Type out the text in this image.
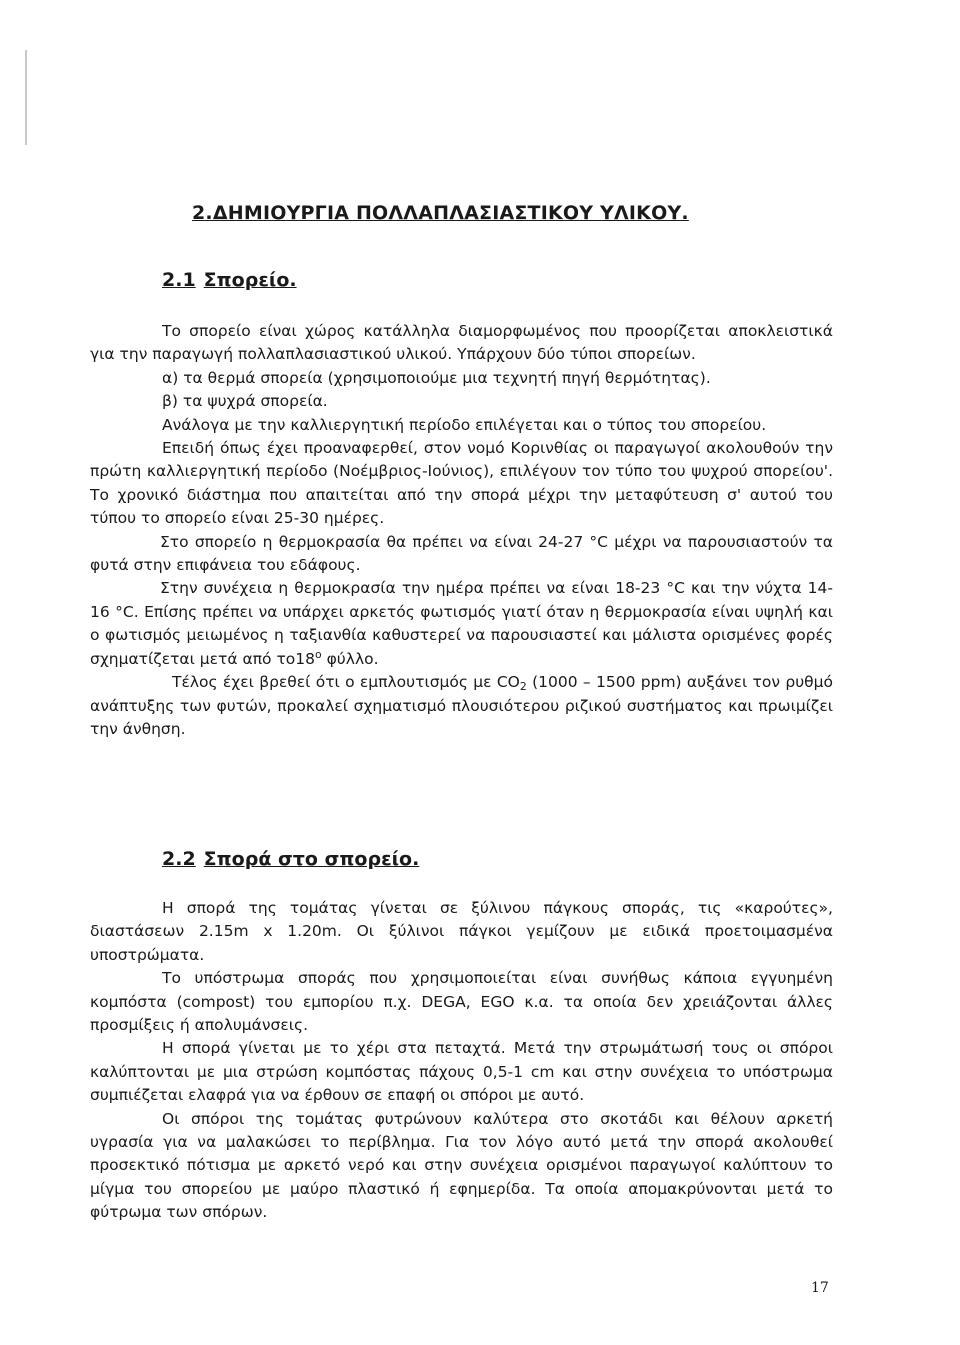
2.ΔΗΜΙΟΥΡΓΙΑ ΠΟΛΛΑΠΛΑΣΙΑΣΤΙΚΟΥ ΥΛΙΚΟΥ.
2.1 Σπορείο.

Το σπορείο είναι χώρος κατάλληλα διαμορφωμένος που προορίζεται αποκλειστικά για την παραγωγή πολλαπλασιαστικού υλικού. Υπάρχουν δύο τύποι σπορείων.

α) τα θερμά σπορεία (χρησιμοποιούμε μια τεχνητή πηγή θερμότητας).

β) τα ψυχρά σπορεία.

Ανάλογα με την καλλιεργητική περίοδο επιλέγεται και ο τύπος του σπορείου.

Επειδή όπως έχει προαναφερθεί, στον νομό Κορινθίας οι παραγωγοί ακολουθούν την πρώτη καλλιεργητική περίοδο (Νοέμβριος-Ιούνιος), επιλέγουν τον τύπο του ψυχρού σπορείου'. Το χρονικό διάστημα που απαιτείται από την σπορά μέχρι την μεταφύτευση σ' αυτού του τύπου το σπορείο είναι 25-30 ημέρες.

Στο σπορείο η θερμοκρασία θα πρέπει να είναι 24-27 °C μέχρι να παρουσιαστούν τα φυτά στην επιφάνεια του εδάφους.

Στην συνέχεια η θερμοκρασία την ημέρα πρέπει να είναι 18-23 °C και την νύχτα 14-16 °C. Επίσης πρέπει να υπάρχει αρκετός φωτισμός γιατί όταν η θερμοκρασία είναι υψηλή και ο φωτισμός μειωμένος η ταξιανθία καθυστερεί να παρουσιαστεί και μάλιστα ορισμένες φορές σχηματίζεται μετά από $\tau o18^o$ φύλλο.

Τέλος έχει βρεθεί ότι ο εμπλουτισμός με $CO_2$ (1000 – 1500 ppm) αυξάνει τον ρυθμό ανάπτυξης των φυτών, προκαλεί σχηματισμό πλουσιότερου ριζικού συστήματος και πρωιμίζει την άνθηση.

2.2 Σπορά στο σπορείο.

Η σπορά της τομάτας γίνεται σε ξύλινου πάγκους σποράς, τις «καρούτες», διαστάσεων 2.15m x 1.20m. Οι ξύλινοι πάγκοι γεμίζουν με ειδικά προετοιμασμένα υποστρώματα.

Το υπόστρωμα σποράς που χρησιμοποιείται είναι συνήθως κάποια εγγυημένη κομπόστα (compost) του εμπορίου π.χ. DEGA, EGO κ.α. τα οποία δεν χρειάζονται άλλες προσμίξεις ή απολυμάνσεις.

Η σπορά γίνεται με το χέρι στα πεταχτά. Μετά την στρωμάτωσή τους οι σπόροι καλύπτονται με μια στρώση κομπόστας πάχους 0,5-1 cm και στην συνέχεια το υπόστρωμα συμπιέζεται ελαφρά για να έρθουν σε επαφή οι σπόροι με αυτό.

Οι σπόροι της τομάτας φυτρώνουν καλύτερα στο σκοτάδι και θέλουν αρκετή υγρασία για να μαλακώσει το περίβλημα. Για τον λόγο αυτό μετά την σπορά ακολουθεί προσεκτικό πότισμα με αρκετό νερό και στην συνέχεια ορισμένοι παραγωγοί καλύπτουν το μίγμα του σπορείου με μαύρο πλαστικό ή εφημερίδα. Τα οποία απομακρύνονται μετά το φύτρωμα των σπόρων.

17
